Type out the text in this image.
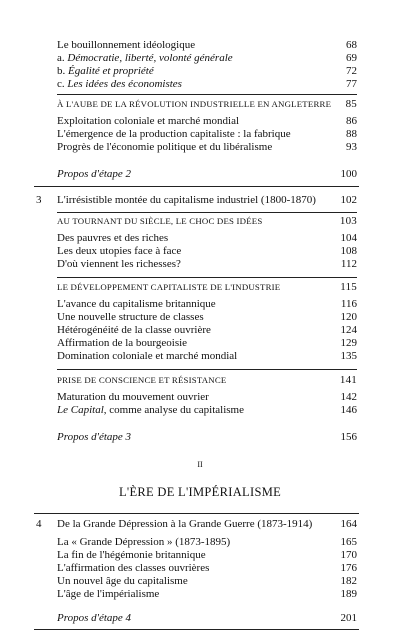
Le bouillonnement idéologique	68
a. Démocratie, liberté, volonté générale	69
b. Égalité et propriété	72
c. Les idées des économistes	77
À L'AUBE DE LA RÉVOLUTION INDUSTRIELLE EN ANGLETERRE	85
Exploitation coloniale et marché mondial	86
L'émergence de la production capitaliste : la fabrique	88
Progrès de l'économie politique et du libéralisme	93
Propos d'étape 2	100
3	L'irrésistible montée du capitalisme industriel (1800-1870)	102
AU TOURNANT DU SIÈCLE, LE CHOC DES IDÉES	103
Des pauvres et des riches	104
Les deux utopies face à face	108
D'où viennent les richesses?	112
LE DÉVELOPPEMENT CAPITALISTE DE L'INDUSTRIE	115
L'avance du capitalisme britannique	116
Une nouvelle structure de classes	120
Hétérogénéité de la classe ouvrière	124
Affirmation de la bourgeoisie	129
Domination coloniale et marché mondial	135
PRISE DE CONSCIENCE ET RÉSISTANCE	141
Maturation du mouvement ouvrier	142
Le Capital, comme analyse du capitalisme	146
Propos d'étape 3	156
II
L'ÈRE DE L'IMPÉRIALISME
4	De la Grande Dépression à la Grande Guerre (1873-1914)	164
La « Grande Dépression » (1873-1895)	165
La fin de l'hégémonie britannique	170
L'affirmation des classes ouvrières	176
Un nouvel âge du capitalisme	182
L'âge de l'impérialisme	189
Propos d'étape 4	201
